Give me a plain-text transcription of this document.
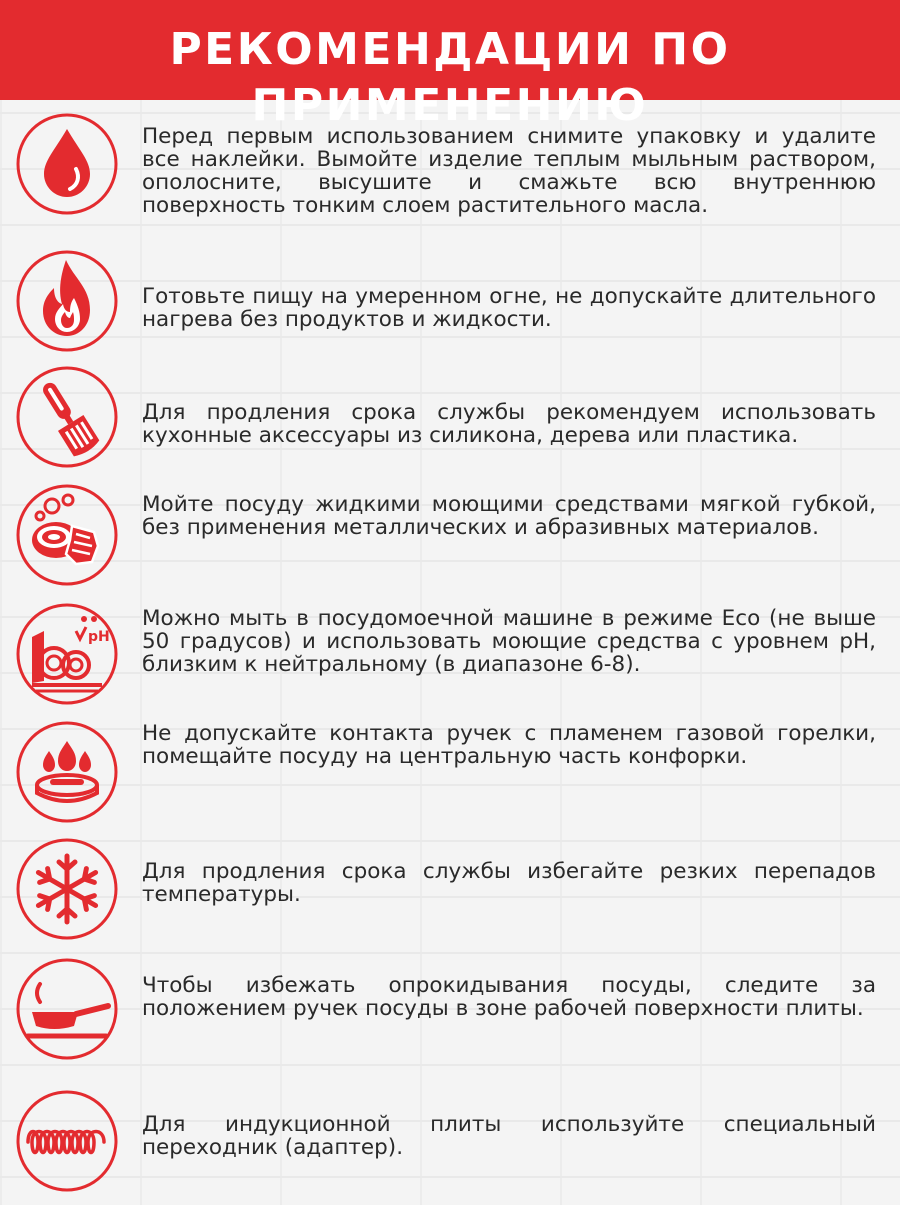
РЕКОМЕНДАЦИИ ПО ПРИМЕНЕНИЮ
Перед первым использованием снимите упаковку и удалите все наклейки. Вымойте изделие теплым мыльным раствором, ополосните, высушите и смажьте всю внутреннюю поверхность тонким слоем растительного масла.
Готовьте пищу на умеренном огне, не допускайте длительного нагрева без продуктов и жидкости.
Для продления срока службы рекомендуем использовать кухонные аксессуары из силикона, дерева или пластика.
Мойте посуду жидкими моющими средствами мягкой губкой, без применения металлических и абразивных материалов.
pH
Можно мыть в посудомоечной машине в режиме Eco (не выше 50 градусов) и использовать моющие средства с уровнем pH, близким к нейтральному (в диапазоне 6-8).
Не допускайте контакта ручек с пламенем газовой горелки, помещайте посуду на центральную часть конфорки.
Для продления срока службы избегайте резких перепадов температуры.
Чтобы избежать опрокидывания посуды, следите за положением ручек посуды в зоне рабочей поверхности плиты.
Для индукционной плиты используйте специальный переходник (адаптер).
